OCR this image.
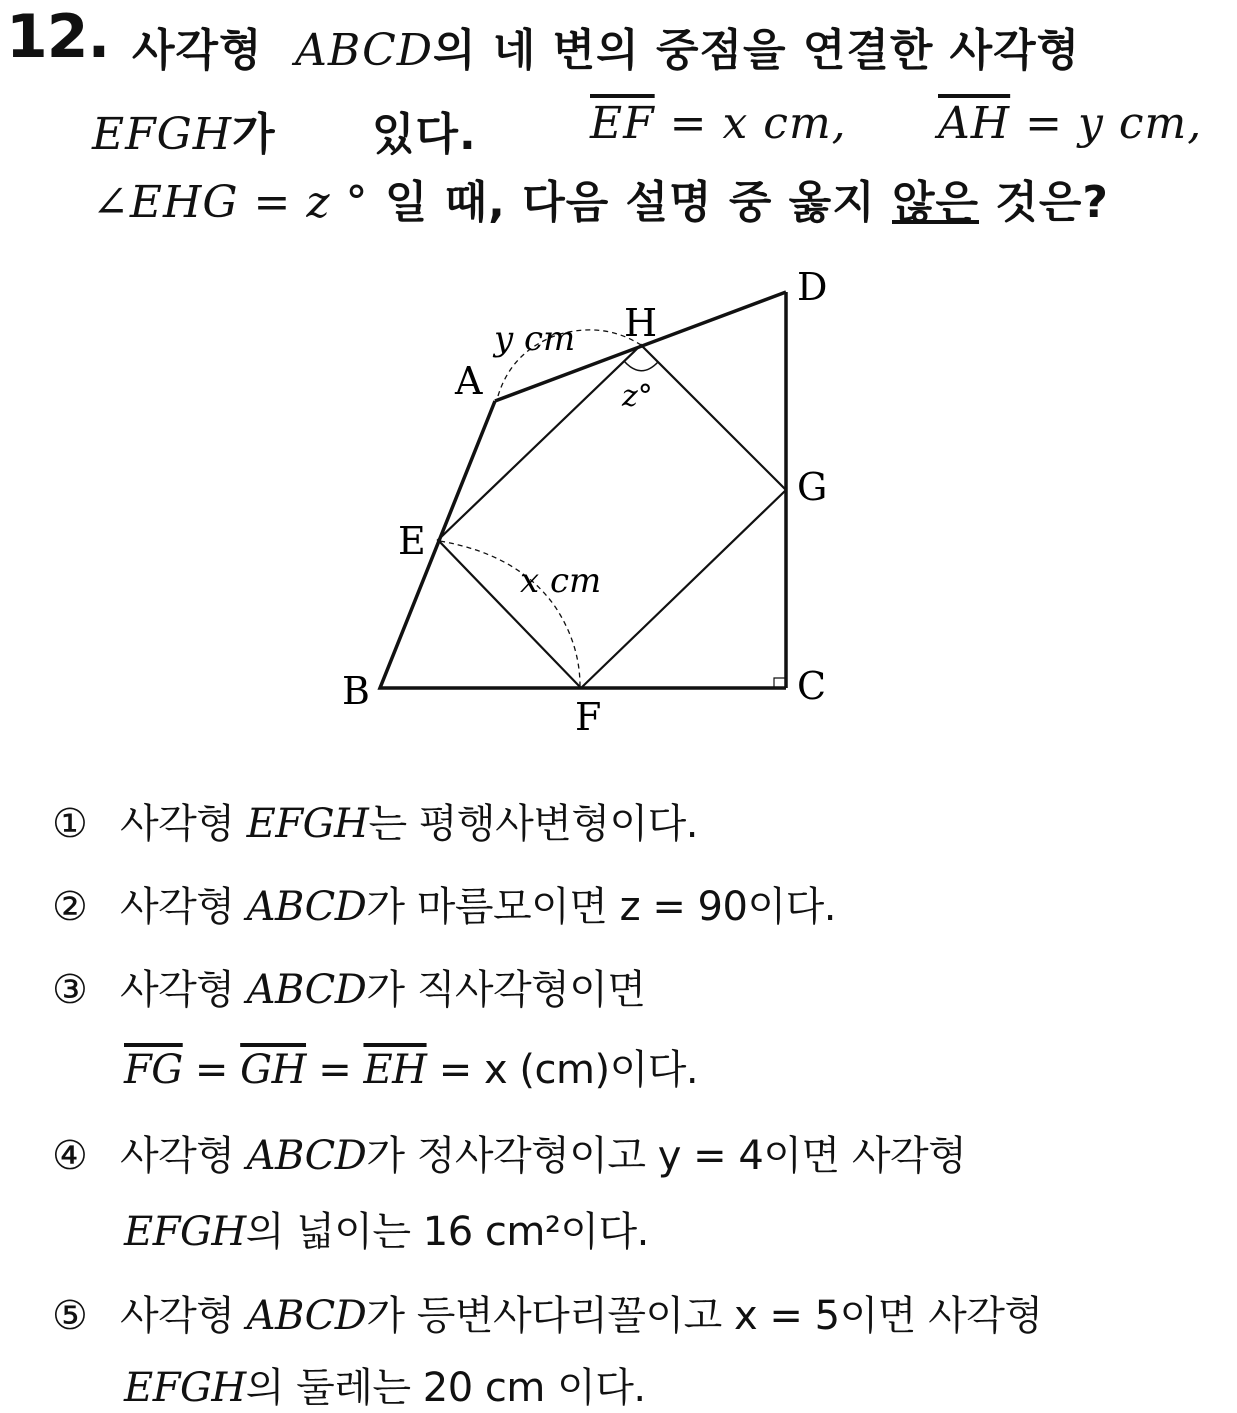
12. 사각형 ABCD의 네 변의 중점을 연결한 사각형
EFGH가 있다.	$\overline{EF} = x$ cm, $\overline{AH} = y$ cm,
∠EHG = z ° 일 때, 다음 설명 중 옳지 않은 것은?
A
B	C
D
E
F
G
H
y cm
x cm
z°
① 사각형 EFGH는 평행사변형이다.
② 사각형 ABCD가 마름모이면 z = 90이다.
③ 사각형 ABCD가 직사각형이면
$\overline{FG} = \overline{GH} = \overline{EH} = x$ (cm)이다.
④ 사각형 ABCD가 정사각형이고 y = 4이면 사각형
EFGH의 넓이는 16 cm²이다.
⑤ 사각형 ABCD가 등변사다리꼴이고 x = 5이면 사각형
EFGH의 둘레는 20 cm 이다.
